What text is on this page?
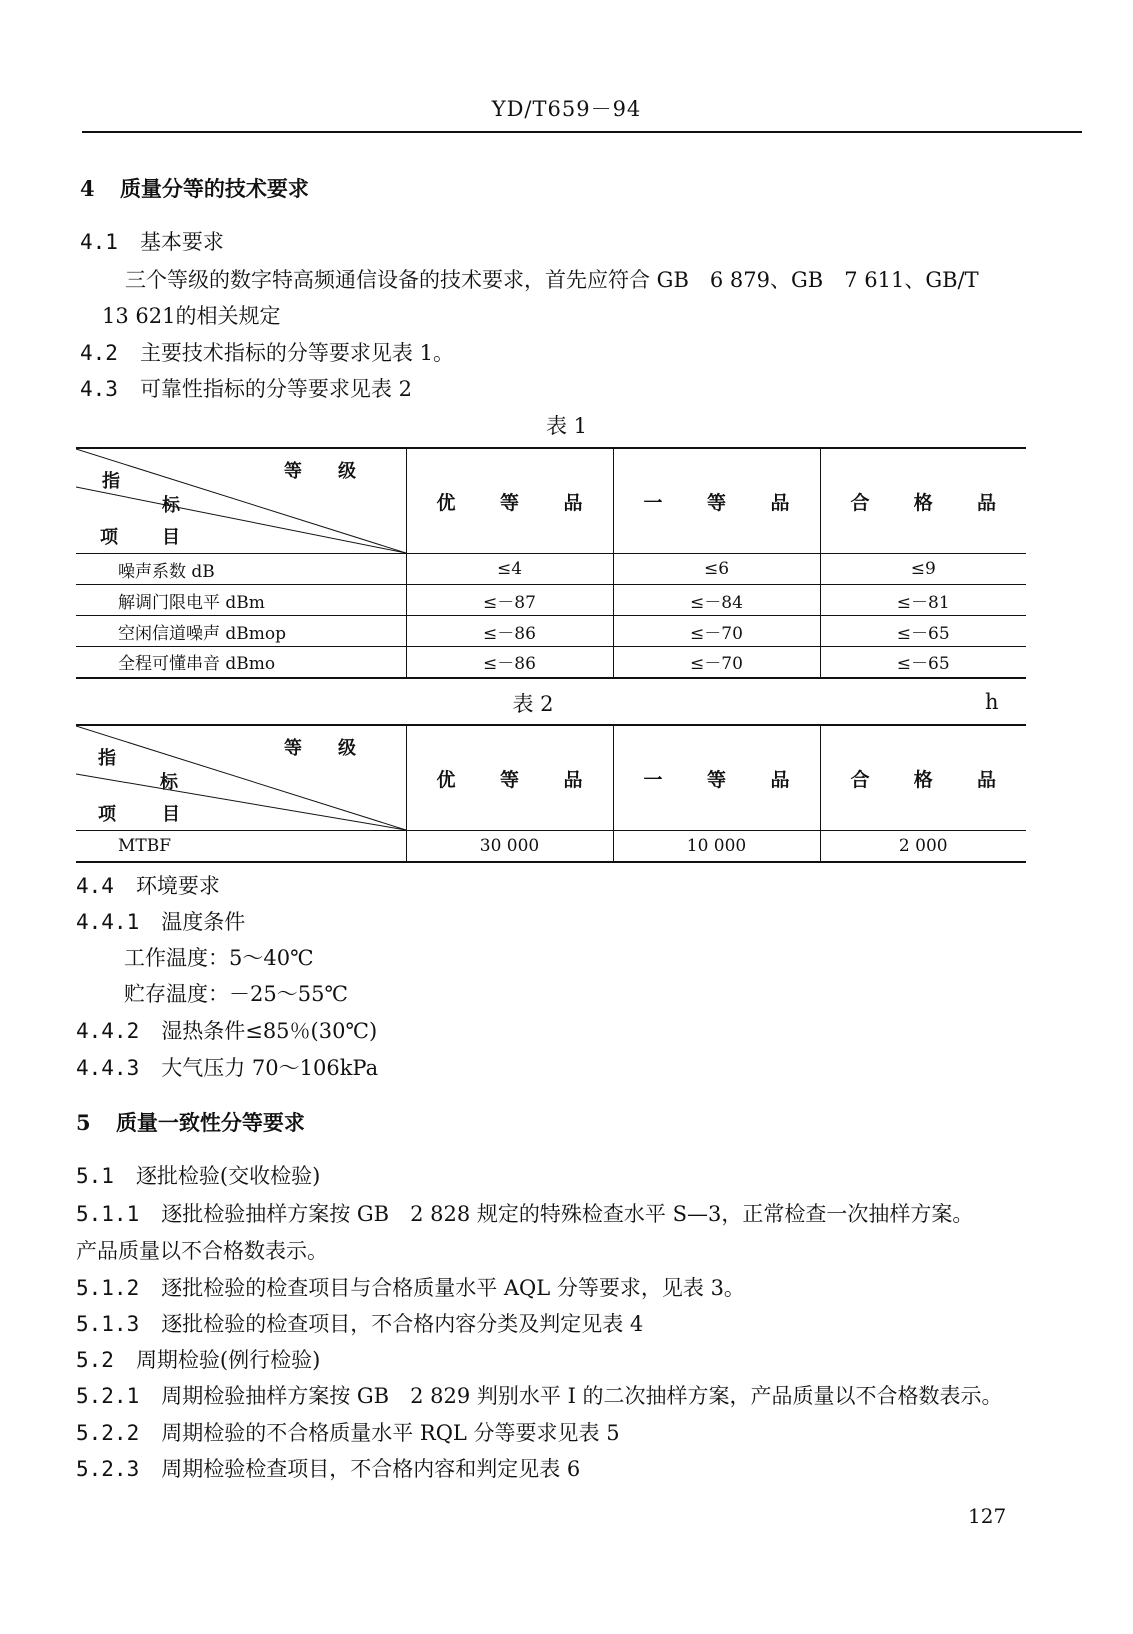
YD/T659－94
4 质量分等的技术要求
4.1 基本要求
三个等级的数字特高频通信设备的技术要求，首先应符合 GB　6 879、GB　7 611、GB/T
13 621的相关规定
4.2 主要技术指标的分等要求见表 1。
4.3 可靠性指标的分等要求见表 2
表 1
等　　级
指
标
项 目	优 等 品	一 等 品	合 格 品

噪声系数 dB	≤4	≤6	≤9
解调门限电平 dBm	≤－87	≤－84	≤－81
空闲信道噪声 dBmop	≤－86	≤－70	≤－65
全程可懂串音 dBmo	≤－86	≤－70	≤－65
表 2	h
等　　级
指
标
项 目	优 等 品	一 等 品	合 格 品

MTBF	30 000	10 000	2 000
4.4 环境要求
4.4.1 温度条件
工作温度：5～40℃
贮存温度：－25～55℃
4.4.2 湿热条件≤85％(30℃)
4.4.3 大气压力 70～106kPa
5 质量一致性分等要求
5.1 逐批检验(交收检验)
5.1.1 逐批检验抽样方案按 GB　2 828 规定的特殊检查水平 S—3，正常检查一次抽样方案。
产品质量以不合格数表示。
5.1.2 逐批检验的检查项目与合格质量水平 AQL 分等要求，见表 3。
5.1.3 逐批检验的检查项目，不合格内容分类及判定见表 4
5.2 周期检验(例行检验)
5.2.1 周期检验抽样方案按 GB　2 829 判别水平 I 的二次抽样方案，产品质量以不合格数表示。
5.2.2 周期检验的不合格质量水平 RQL 分等要求见表 5
5.2.3 周期检验检查项目，不合格内容和判定见表 6
127
